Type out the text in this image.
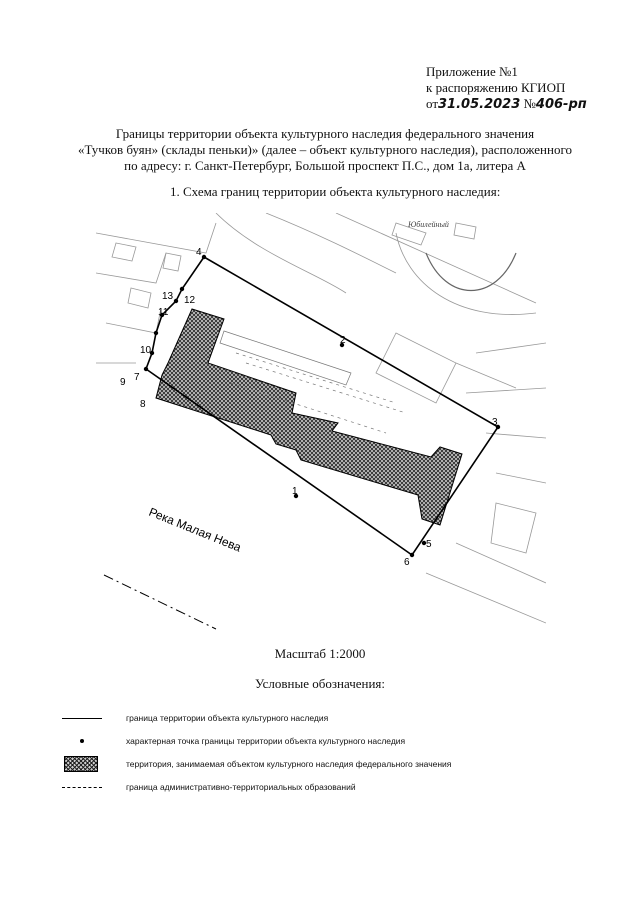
Приложение №1
к распоряжению КГИОП
от31.05.2023 №406-рп
Границы территории объекта культурного наследия федерального значения
«Тучков буян» (склады пеньки)» (далее – объект культурного наследия), расположенного
по адресу: г. Санкт-Петербург, Большой проспект П.С., дом 1а, литера А
1. Схема границ территории объекта культурного наследия:
1
2
3
4
5
6
7
8
9
10
11
12
13
Юбилейный
Река Малая Нева
Масштаб 1:2000
Условные обозначения:
граница территории объекта культурного наследия
характерная точка границы территории объекта культурного наследия
территория, занимаемая объектом культурного наследия федерального значения
граница административно-территориальных образований
